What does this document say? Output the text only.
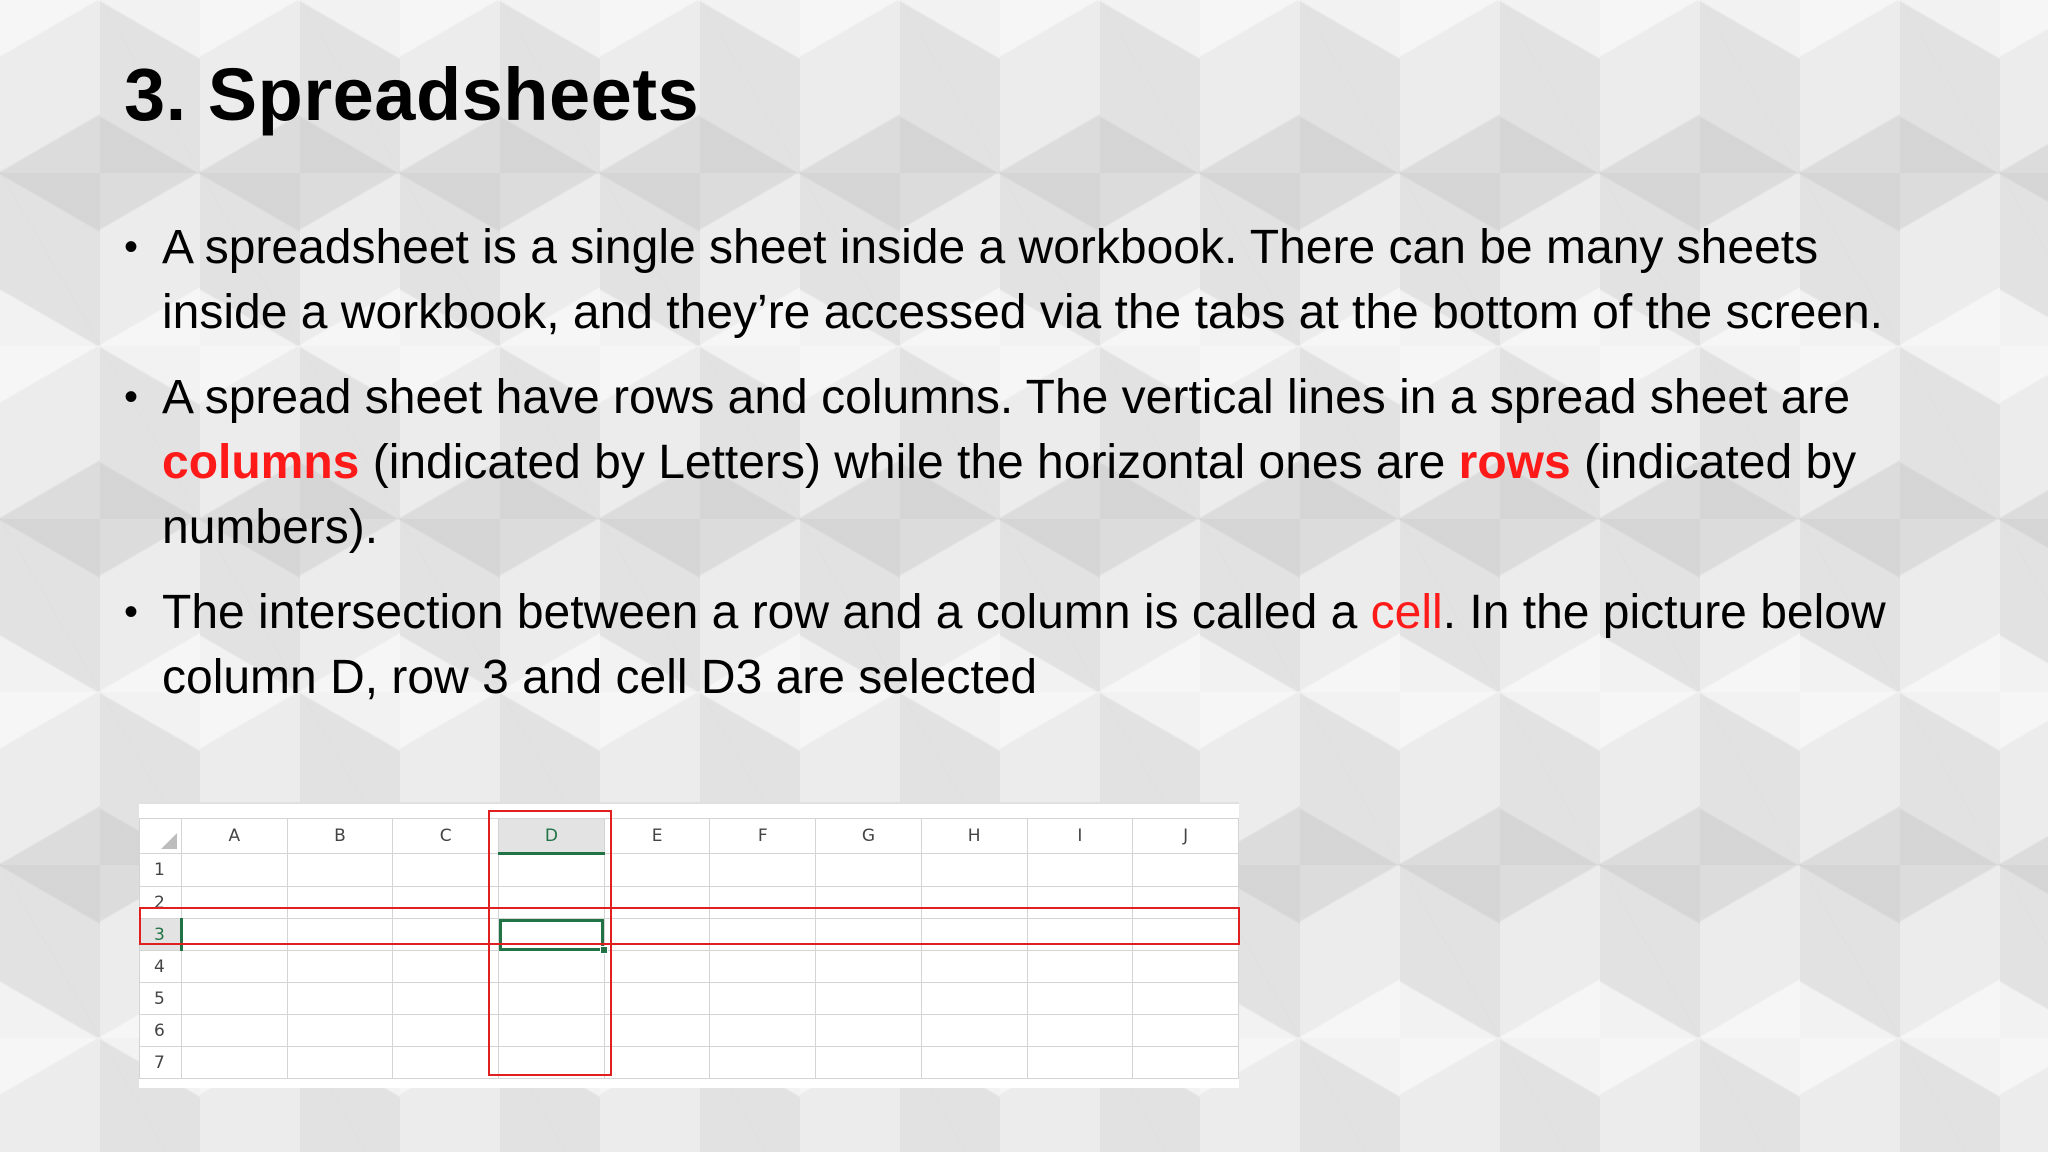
3. Spreadsheets
• A spreadsheet is a single sheet inside a workbook. There can be many sheets inside a workbook, and they’re accessed via the tabs at the bottom of the screen.
• A spread sheet have rows and columns. The vertical lines in a spread sheet are columns (indicated by Letters) while the horizontal ones are rows (indicated by numbers).
• The intersection between a row and a column is called a cell. In the picture below column D, row 3 and cell D3 are selected
	A	B	C	D	E	F	G	H	I	J
1										
2										
3				

4										
5										
6										
7										
